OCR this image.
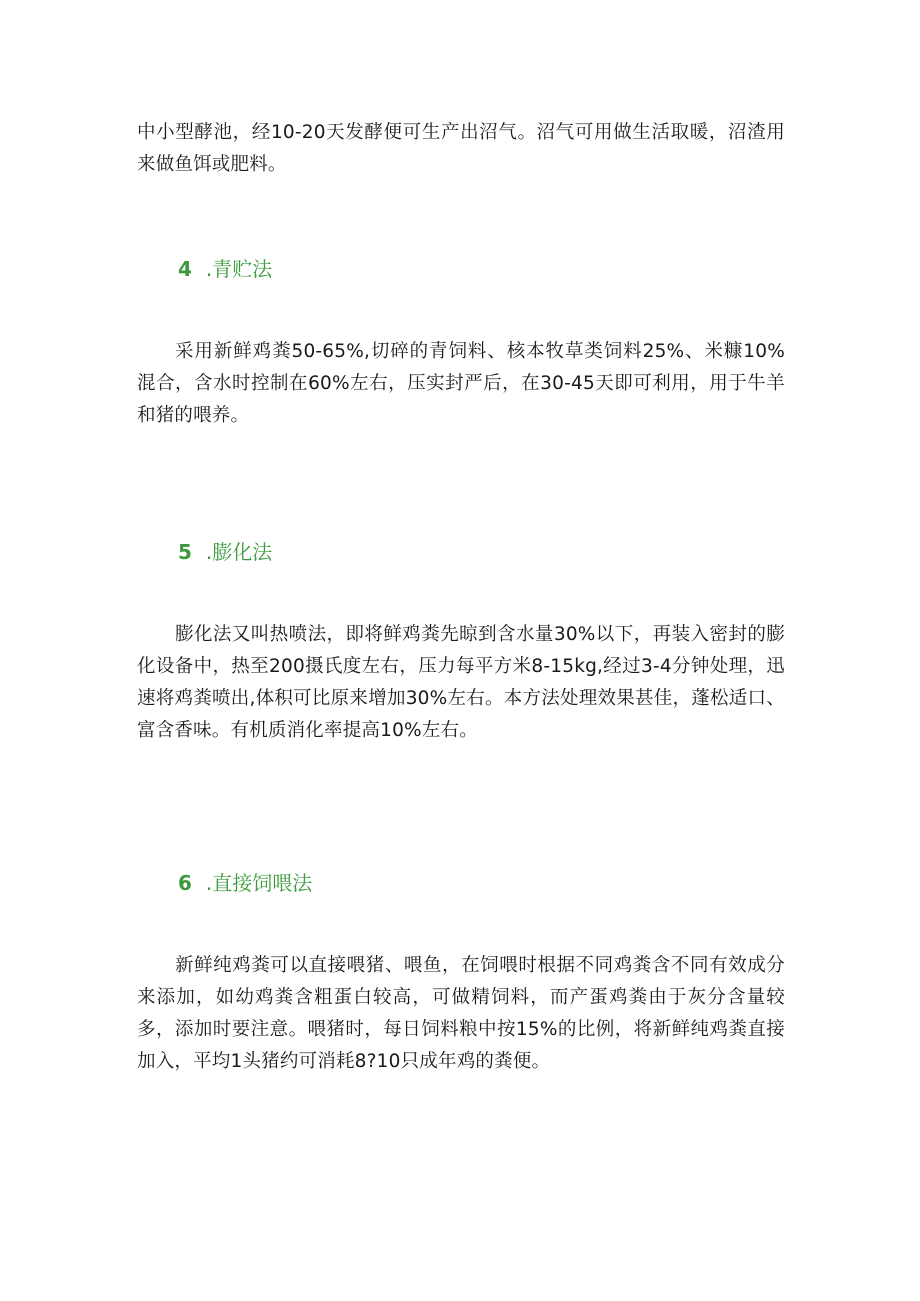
中小型酵池，经10-20天发酵便可生产出沼气。沼气可用做生活取暖，沼渣用来做鱼饵或肥料。

4 .青贮法

采用新鲜鸡粪50-65%,切碎的青饲料、核本牧草类饲料25%、米糠10%混合，含水时控制在60%左右，压实封严后，在30-45天即可利用，用于牛羊和猪的喂养。

5 .膨化法

膨化法又叫热喷法，即将鲜鸡粪先晾到含水量30%以下，再装入密封的膨化设备中，热至200摄氏度左右，压力每平方米8-15kg,经过3-4分钟处理，迅速将鸡粪喷出,体积可比原来增加30%左右。本方法处理效果甚佳，蓬松适口、富含香味。有机质消化率提高10%左右。

6 .直接饲喂法

新鲜纯鸡粪可以直接喂猪、喂鱼，在饲喂时根据不同鸡粪含不同有效成分来添加，如幼鸡粪含粗蛋白较高，可做精饲料，而产蛋鸡粪由于灰分含量较多，添加时要注意。喂猪时，每日饲料粮中按15%的比例，将新鲜纯鸡粪直接加入，平均1头猪约可消耗8?10只成年鸡的粪便。
